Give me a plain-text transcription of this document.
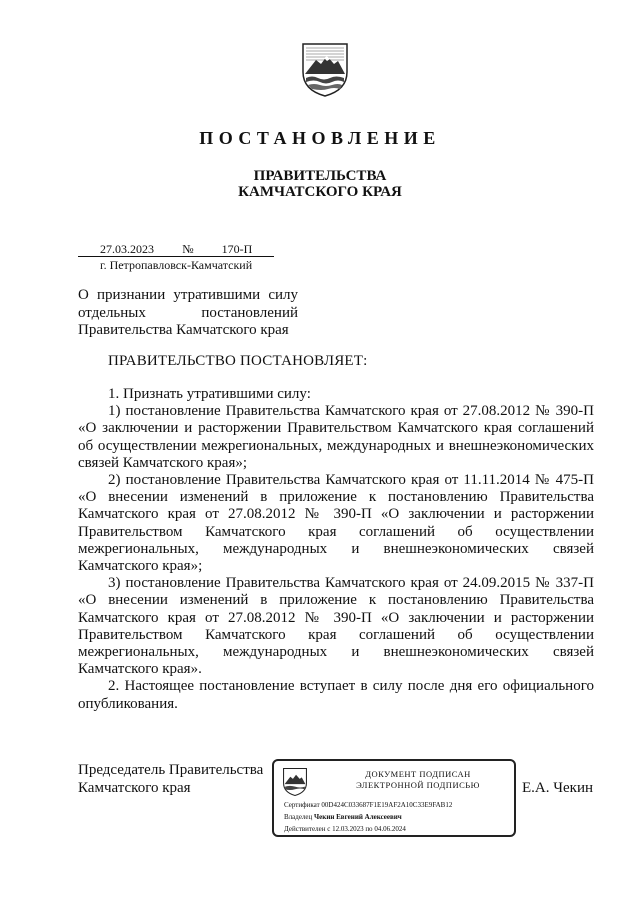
ПОСТАНОВЛЕНИЕ
ПРАВИТЕЛЬСТВА
КАМЧАТСКОГО КРАЯ
27.03.2023 № 170-П
г. Петропавловск-Камчатский
О признании утратившими силу
отдельных	постановлений
Правительства Камчатского края
ПРАВИТЕЛЬСТВО ПОСТАНОВЛЯЕТ:

1. Признать утратившими силу:

1) постановление Правительства Камчатского края от 27.08.2012 № 390-П «О заключении и расторжении Правительством Камчатского края соглашений об осуществлении межрегиональных, международных и внешнеэкономических связей Камчатского края»;

2) постановление Правительства Камчатского края от 11.11.2014 № 475-П «О внесении изменений в приложение к постановлению Правительства Камчатского края от 27.08.2012 № 390-П «О заключении и расторжении Правительством Камчатского края соглашений об осуществлении межрегиональных, международных и внешнеэкономических связей Камчатского края»;

3) постановление Правительства Камчатского края от 24.09.2015 № 337-П «О внесении изменений в приложение к постановлению Правительства Камчатского края от 27.08.2012 № 390-П «О заключении и расторжении Правительством Камчатского края соглашений об осуществлении межрегиональных, международных и внешнеэкономических связей Камчатского края».

2. Настоящее постановление вступает в силу после дня его официального опубликования.

Председатель Правительства
Камчатского края
ДОКУМЕНТ ПОДПИСАН
ЭЛЕКТРОННОЙ ПОДПИСЬЮ
Сертификат 00D424C033687F1E19AF2A10C33E9FAB12
Владелец Чекин Евгений Алексеевич
Действителен с 12.03.2023 по 04.06.2024
Е.А. Чекин
